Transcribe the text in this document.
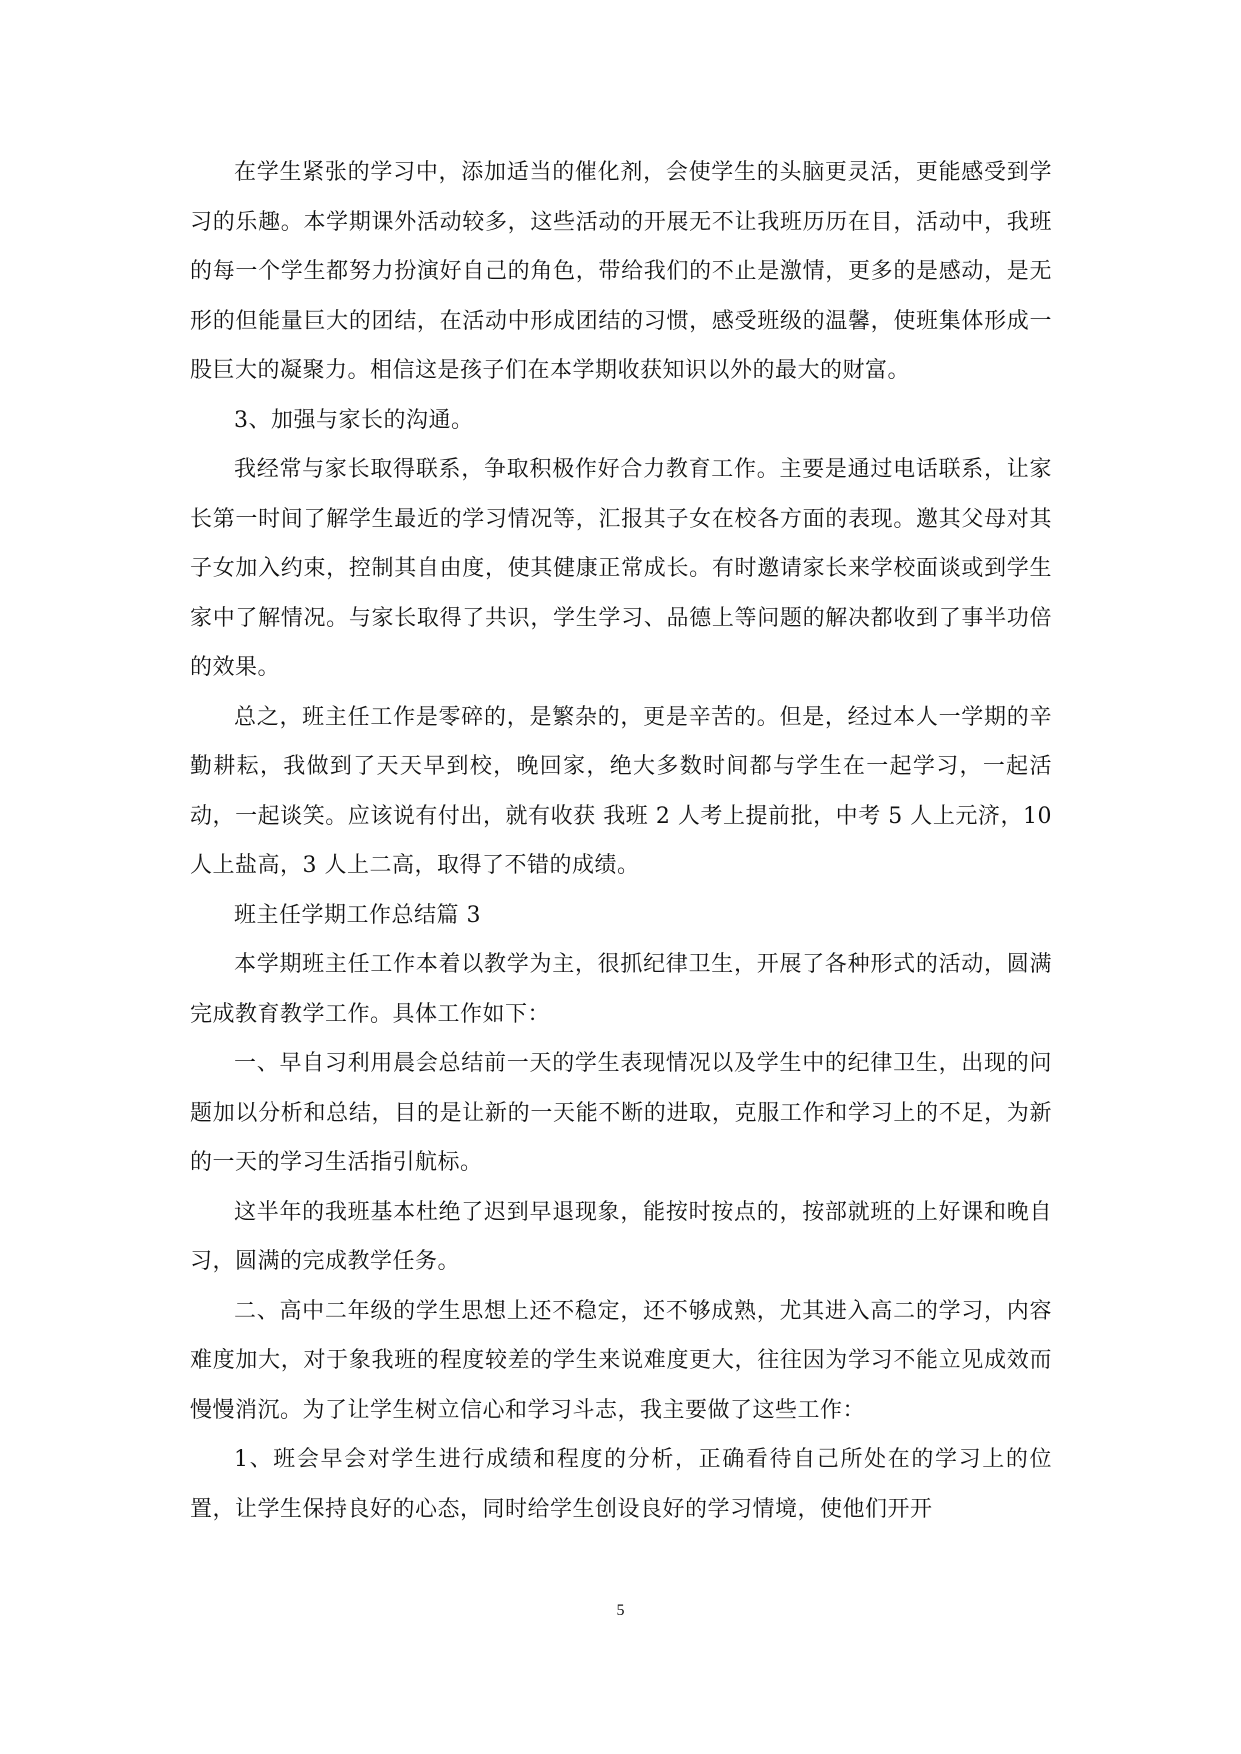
在学生紧张的学习中，添加适当的催化剂，会使学生的头脑更灵活，更能感受到学习的乐趣。本学期课外活动较多，这些活动的开展无不让我班历历在目，活动中，我班的每一个学生都努力扮演好自己的角色，带给我们的不止是激情，更多的是感动，是无形的但能量巨大的团结，在活动中形成团结的习惯，感受班级的温馨，使班集体形成一股巨大的凝聚力。相信这是孩子们在本学期收获知识以外的最大的财富。

3、加强与家长的沟通。

我经常与家长取得联系，争取积极作好合力教育工作。主要是通过电话联系，让家长第一时间了解学生最近的学习情况等，汇报其子女在校各方面的表现。邀其父母对其子女加入约束，控制其自由度，使其健康正常成长。有时邀请家长来学校面谈或到学生家中了解情况。与家长取得了共识，学生学习、品德上等问题的解决都收到了事半功倍的效果。

总之，班主任工作是零碎的，是繁杂的，更是辛苦的。但是，经过本人一学期的辛勤耕耘，我做到了天天早到校，晚回家，绝大多数时间都与学生在一起学习，一起活动，一起谈笑。应该说有付出，就有收获 我班 2 人考上提前批，中考 5 人上元济，10 人上盐高，3 人上二高，取得了不错的成绩。

班主任学期工作总结篇 3

本学期班主任工作本着以教学为主，很抓纪律卫生，开展了各种形式的活动，圆满完成教育教学工作。具体工作如下：

一、早自习利用晨会总结前一天的学生表现情况以及学生中的纪律卫生，出现的问题加以分析和总结，目的是让新的一天能不断的进取，克服工作和学习上的不足，为新的一天的学习生活指引航标。

这半年的我班基本杜绝了迟到早退现象，能按时按点的，按部就班的上好课和晚自习，圆满的完成教学任务。

二、高中二年级的学生思想上还不稳定，还不够成熟，尤其进入高二的学习，内容难度加大，对于象我班的程度较差的学生来说难度更大，往往因为学习不能立见成效而慢慢消沉。为了让学生树立信心和学习斗志，我主要做了这些工作：

1、班会早会对学生进行成绩和程度的分析，正确看待自己所处在的学习上的位置，让学生保持良好的心态，同时给学生创设良好的学习情境，使他们开开

5
